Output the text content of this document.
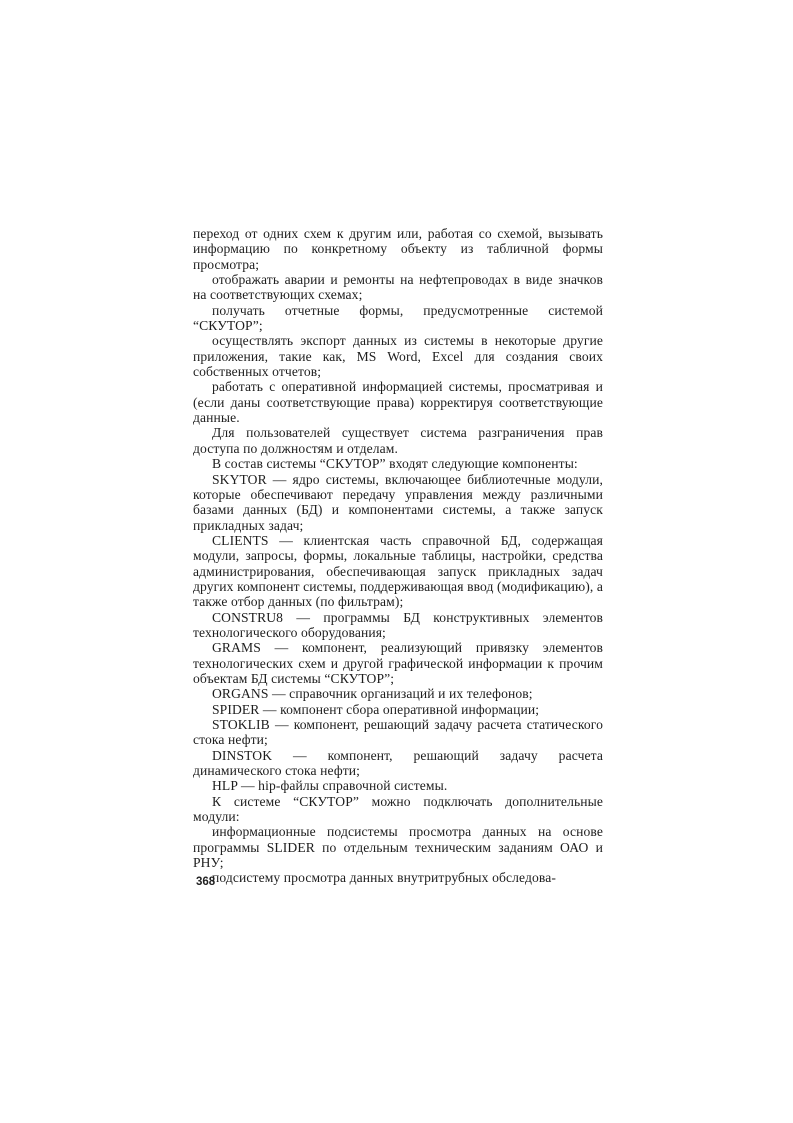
переход от одних схем к другим или, работая со схемой, вызывать информацию по конкретному объекту из табличной формы просмотра;

отображать аварии и ремонты на нефтепроводах в виде значков на соответствующих схемах;

получать отчетные формы, предусмотренные системой “СКУТОР”;

осуществлять экспорт данных из системы в некоторые другие приложения, такие как, MS Word, Excel для создания своих собственных отчетов;

работать с оперативной информацией системы, просматривая и (если даны соответствующие права) корректируя соответствующие данные.

Для пользователей существует система разграничения прав доступа по должностям и отделам.

В состав системы “СКУТОР” входят следующие компоненты:

SKYTOR — ядро системы, включающее библиотечные модули, которые обеспечивают передачу управления между различными базами данных (БД) и компонентами системы, а также запуск прикладных задач;

CLIENTS — клиентская часть справочной БД, содержащая модули, запросы, формы, локальные таблицы, настройки, средства администрирования, обеспечивающая запуск прикладных задач других компонент системы, поддерживающая ввод (модификацию), а также отбор данных (по фильтрам);

CONSTRU8 — программы БД конструктивных элементов технологического оборудования;

GRAMS — компонент, реализующий привязку элементов технологических схем и другой графической информации к прочим объектам БД системы “СКУТОР”;

ORGANS — справочник организаций и их телефонов;

SPIDER — компонент сбора оперативной информации;

STOKLIB — компонент, решающий задачу расчета статического стока нефти;

DINSTOK — компонент, решающий задачу расчета динамического стока нефти;

HLP — hip-файлы справочной системы.

К системе “СКУТОР” можно подключать дополнительные модули:

информационные подсистемы просмотра данных на основе программы SLIDER по отдельным техническим заданиям ОАО и РНУ;

подсистему просмотра данных внутритрубных обследова-

368
